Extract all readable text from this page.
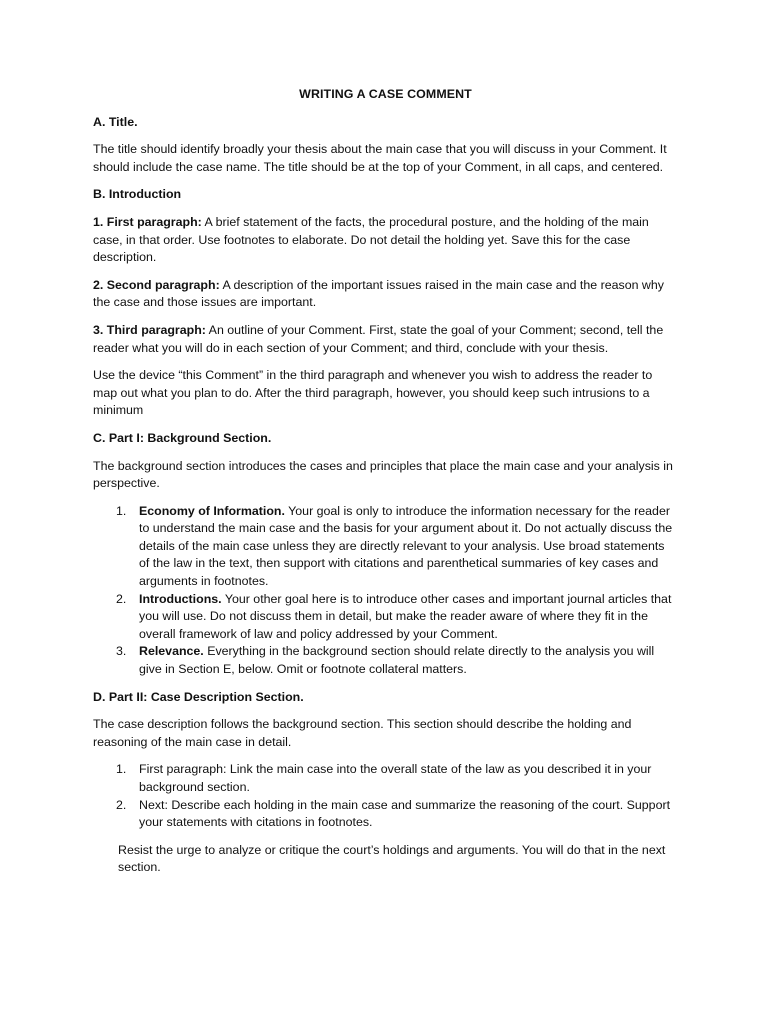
WRITING A CASE COMMENT

A. Title.

The title should identify broadly your thesis about the main case that you will discuss in your Comment. It should include the case name. The title should be at the top of your Comment, in all caps, and centered.

B. Introduction

1. First paragraph: A brief statement of the facts, the procedural posture, and the holding of the main case, in that order. Use footnotes to elaborate. Do not detail the holding yet. Save this for the case description.

2. Second paragraph: A description of the important issues raised in the main case and the reason why the case and those issues are important.

3. Third paragraph: An outline of your Comment. First, state the goal of your Comment; second, tell the reader what you will do in each section of your Comment; and third, conclude with your thesis.

Use the device “this Comment” in the third paragraph and whenever you wish to address the reader to map out what you plan to do. After the third paragraph, however, you should keep such intrusions to a minimum

C. Part I: Background Section.

The background section introduces the cases and principles that place the main case and your analysis in perspective.

1. Economy of Information. Your goal is only to introduce the information necessary for the reader to understand the main case and the basis for your argument about it. Do not actually discuss the details of the main case unless they are directly relevant to your analysis. Use broad statements of the law in the text, then support with citations and parenthetical summaries of key cases and arguments in footnotes.
2. Introductions. Your other goal here is to introduce other cases and important journal articles that you will use. Do not discuss them in detail, but make the reader aware of where they fit in the overall framework of law and policy addressed by your Comment.
3. Relevance. Everything in the background section should relate directly to the analysis you will give in Section E, below. Omit or footnote collateral matters.

D. Part II: Case Description Section.

The case description follows the background section. This section should describe the holding and reasoning of the main case in detail.

1. First paragraph: Link the main case into the overall state of the law as you described it in your background section.
2. Next: Describe each holding in the main case and summarize the reasoning of the court. Support your statements with citations in footnotes.

Resist the urge to analyze or critique the court’s holdings and arguments. You will do that in the next section.
